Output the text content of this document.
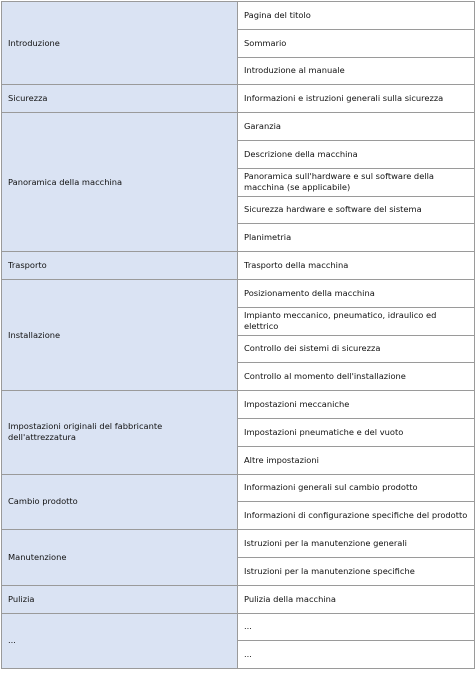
Introduzione	Pagina del titolo
	Sommario
	Introduzione al manuale
Sicurezza	Informazioni e istruzioni generali sulla sicurezza
Panoramica della macchina	Garanzia
	Descrizione della macchina
	Panoramica sull'hardware e sul software della macchina (se applicabile)
	Sicurezza hardware e software del sistema
	Planimetria
Trasporto	Trasporto della macchina
Installazione	Posizionamento della macchina
	Impianto meccanico, pneumatico, idraulico ed elettrico
	Controllo dei sistemi di sicurezza
	Controllo al momento dell'installazione
Impostazioni originali del fabbricante dell'attrezzatura	Impostazioni meccaniche
	Impostazioni pneumatiche e del vuoto
	Altre impostazioni
Cambio prodotto	Informazioni generali sul cambio prodotto
	Informazioni di configurazione specifiche del prodotto
Manutenzione	Istruzioni per la manutenzione generali
	Istruzioni per la manutenzione specifiche
Pulizia	Pulizia della macchina
...	...
	...
